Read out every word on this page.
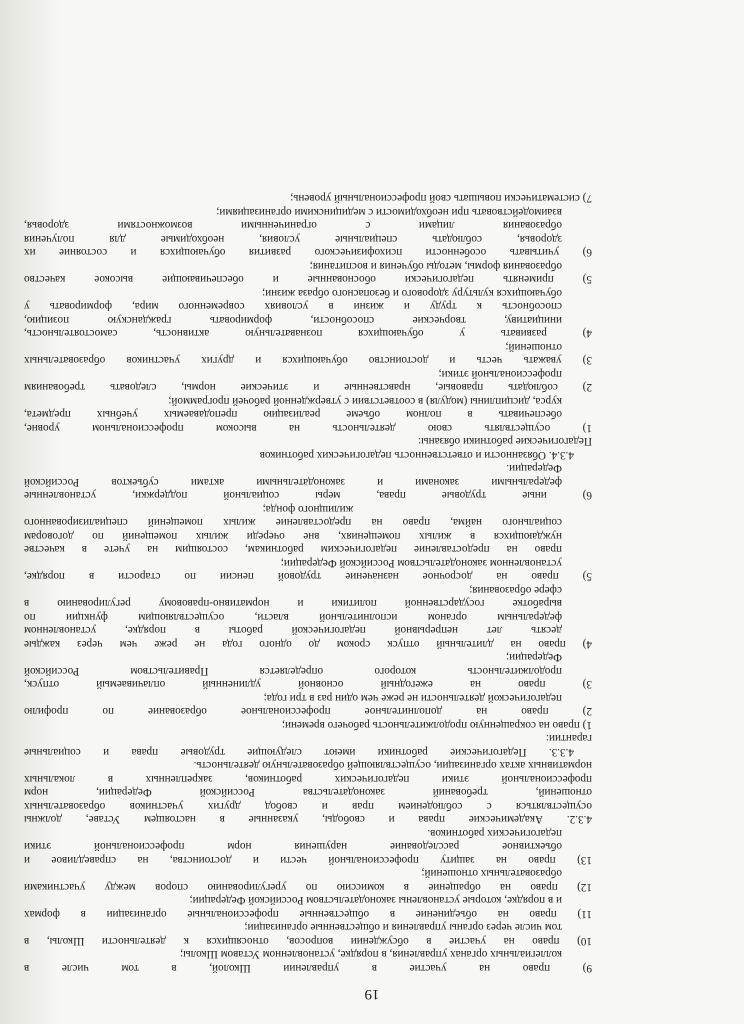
19
9) право на участие в управлении Школой, в том числе в
коллегиальных органах управления, в порядке, установленном Уставом Школы;
10) право на участие в обсуждении вопросов, относящихся к деятельности Школы, в
том числе через органы управления и общественные организации;
11) право на объединение в общественные профессиональные организации в формах
и в порядке, которые установлены законодательством Российской Федерации;
12) право на обращение в комиссию по урегулированию споров между участниками
образовательных отношений;
13) право на защиту профессиональной чести и достоинства, на справедливое и
объективное расследование нарушения норм профессиональной этики
педагогических работников.
4.3.2. Академические права и свободы, указанные в настоящем Уставе, должны
осуществляться с соблюдением прав и свобод других участников образовательных
отношений, требований законодательства Российской Федерации, норм
профессиональной этики педагогических работников, закрепленных в локальных
нормативных актах организации, осуществляющей образовательную деятельность.
4.3.3. Педагогические работники имеют следующие трудовые права и социальные
гарантии:
1) право на сокращенную продолжительность рабочего времени;
2) право на дополнительное профессиональное образование по профилю
педагогической деятельности не реже чем один раз в три года;
3) право на ежегодный основной удлиненный оплачиваемый отпуск,
продолжительность которого определяется Правительством Российской
Федерации;
4) право на длительный отпуск сроком до одного года не реже чем через каждые
десять лет непрерывной педагогической работы в порядке, установленном
федеральным органом исполнительной власти, осуществляющим функции по
выработке государственной политики и нормативно-правовому регулированию в
сфере образования;
5) право на досрочное назначение трудовой пенсии по старости в порядке,
установленном законодательством Российской Федерации;
право на предоставление педагогическим работникам, состоящим на учете в качестве
нуждающихся в жилых помещениях, вне очереди жилых помещений по договорам
социального найма, право на предоставление жилых помещений специализированного
жилищного фонда;
6) иные трудовые права, меры социальной поддержки, установленные
федеральными законами и законодательными актами субъектов Российской
Федерации.
4.3.4. Обязанности и ответственность педагогических работников
Педагогические работники обязаны:
1) осуществлять свою деятельность на высоком профессиональном уровне,
обеспечивать в полном объеме реализацию преподаваемых учебных предмета,
курса, дисциплины (модуля) в соответствии с утвержденной рабочей программой;
2) соблюдать правовые, нравственные и этические нормы, следовать требованиям
профессиональной этики;
3) уважать честь и достоинство обучающихся и других участников образовательных
отношений;
4) развивать у обучающихся познавательную активность, самостоятельность,
инициативу, творческие способности, формировать гражданскую позицию,
способность к труду и жизни в условиях современного мира, формировать у
обучающихся культуру здорового и безопасного образа жизни;
5) применять педагогически обоснованные и обеспечивающие высокое качество
образования формы, методы обучения и воспитания;
6) учитывать особенности психофизического развития обучающихся и состояние их
здоровья, соблюдать специальные условия, необходимые для получения
образования лицами с ограниченными возможностями здоровья,
взаимодействовать при необходимости с медицинскими организациями;
7) систематически повышать свой профессиональный уровень;
